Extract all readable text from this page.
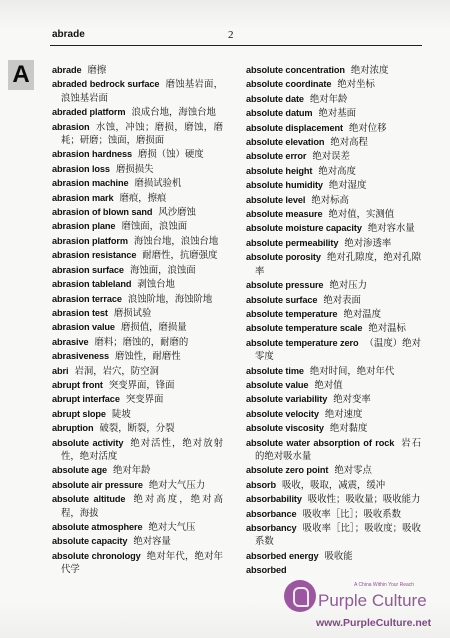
abrade	2
A abrade 磨擦
abraded bedrock surface 磨蚀基岩面，浪蚀基岩面
abraded platform 浪成台地，海蚀台地
abrasion 水蚀，冲蚀；磨损，磨蚀，磨耗；研磨；蚀面，磨损面
abrasion hardness 磨损（蚀）硬度
abrasion loss 磨损损失
abrasion machine 磨损试验机
abrasion mark 磨痕，擦痕
abrasion of blown sand 风沙磨蚀
abrasion plane 磨蚀面，浪蚀面
abrasion platform 海蚀台地，浪蚀台地
abrasion resistance 耐磨性，抗磨强度
abrasion surface 海蚀面，浪蚀面
abrasion tableland 剥蚀台地
abrasion terrace 浪蚀阶地，海蚀阶地
abrasion test 磨损试验
abrasion value 磨损值，磨损量
abrasive 磨料；磨蚀的，耐磨的
abrasiveness 磨蚀性，耐磨性
abri 岩洞，岩穴，防空洞
abrupt front 突变界面，锋面
abrupt interface 突变界面
abrupt slope 陡坡
abruption 破裂，断裂，分裂
absolute activity 绝对活性，绝对放射性，绝对活度
absolute age 绝对年龄
absolute air pressure 绝对大气压力
absolute altitude 绝对高度，绝对高程，海拔
absolute atmosphere 绝对大气压
absolute capacity 绝对容量
absolute chronology 绝对年代，绝对年代学
absolute concentration 绝对浓度
absolute coordinate 绝对坐标
absolute date 绝对年龄
absolute datum 绝对基面
absolute displacement 绝对位移
absolute elevation 绝对高程
absolute error 绝对误差
absolute height 绝对高度
absolute humidity 绝对湿度
absolute level 绝对标高
absolute measure 绝对值，实测值
absolute moisture capacity 绝对容水量
absolute permeability 绝对渗透率
absolute porosity 绝对孔隙度，绝对孔隙率
absolute pressure 绝对压力
absolute surface 绝对表面
absolute temperature 绝对温度
absolute temperature scale 绝对温标
absolute temperature zero （温度）绝对零度
absolute time 绝对时间，绝对年代
absolute value 绝对值
absolute variability 绝对变率
absolute velocity 绝对速度
absolute viscosity 绝对黏度
absolute water absorption of rock 岩石的绝对吸水量
absolute zero point 绝对零点
absorb 吸收，吸取，减震，缓冲
absorbability 吸收性；吸收量；吸收能力
absorbance 吸收率［比］；吸收系数
absorbancy 吸收率［比］；吸收度；吸收系数
absorbed energy 吸收能
absorbed
A China Within Your Reach
Purple Culture
www.PurpleCulture.net
